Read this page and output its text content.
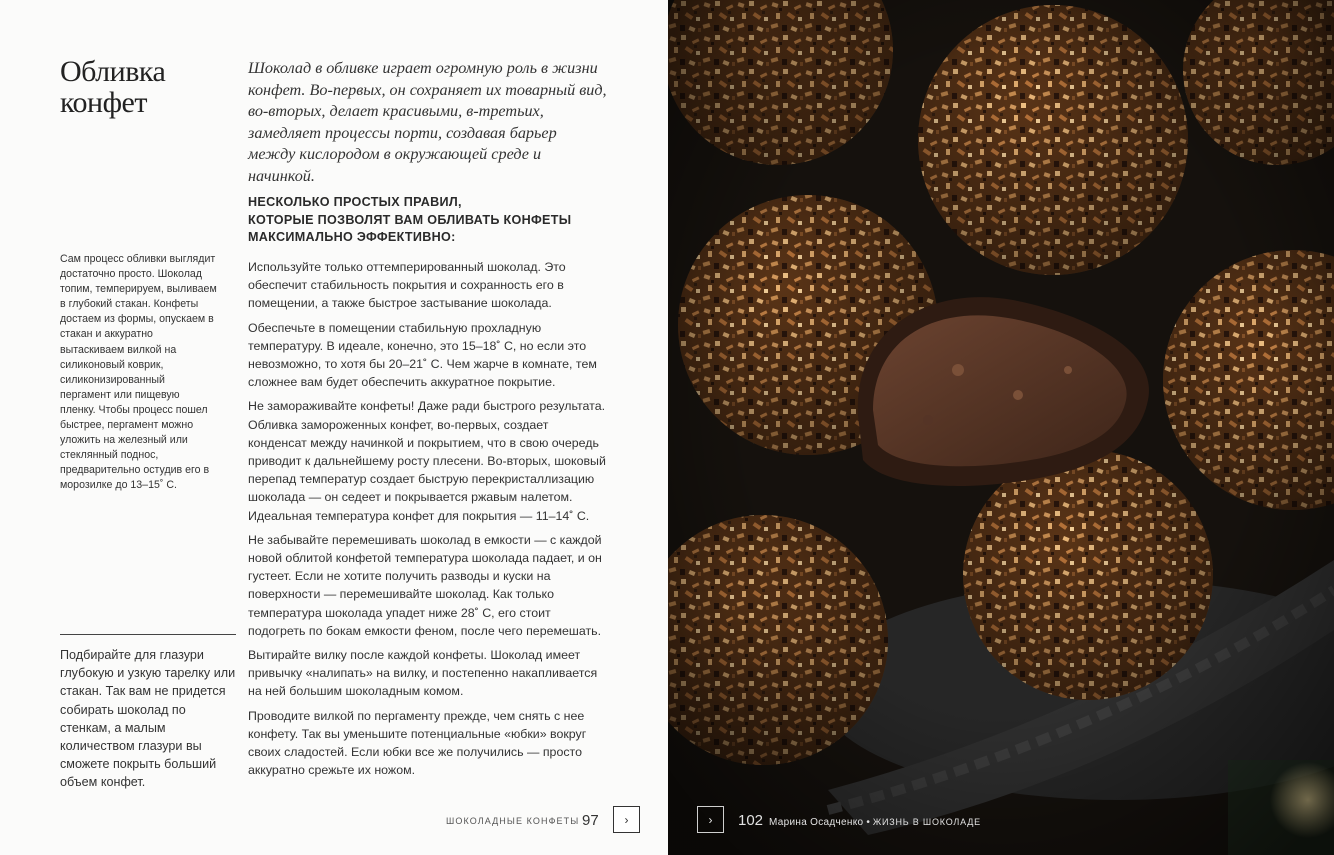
Обливка
конфет

Шоколад в обливке играет огромную роль в жизни конфет. Во-первых, он сохраняет их товарный вид, во-вторых, делает красивыми, в-третьих, замедляет процессы порти, создавая барьер между кислородом в окружающей среде и начинкой.

НЕСКОЛЬКО ПРОСТЫХ ПРАВИЛ,
КОТОРЫЕ ПОЗВОЛЯТ ВАМ ОБЛИВАТЬ КОНФЕТЫ
МАКСИМАЛЬНО ЭФФЕКТИВНО:

Используйте только оттемперированный шоколад. Это обеспечит стабильность покрытия и сохранность его в помещении, а также быстрое застывание шоколада.

Обеспечьте в помещении стабильную прохладную температуру. В идеале, конечно, это 15–18˚ С, но если это невозможно, то хотя бы 20–21˚ С. Чем жарче в комнате, тем сложнее вам будет обеспечить аккуратное покрытие.

Не замораживайте конфеты! Даже ради быстрого результата. Обливка замороженных конфет, во-первых, создает конденсат между начинкой и покрытием, что в свою очередь приводит к дальнейшему росту плесени. Во-вторых, шоковый перепад температур создает быструю перекристаллизацию шоколада — он седеет и покрывается ржавым налетом. Идеальная температура конфет для покрытия — 11–14˚ С.

Не забывайте перемешивать шоколад в емкости — с каждой новой облитой конфетой температура шоколада падает, и он густеет. Если не хотите получить разводы и куски на поверхности — перемешивайте шоколад. Как только температура шоколада упадет ниже 28˚ С, его стоит подогреть по бокам емкости феном, после чего перемешать.

Вытирайте вилку после каждой конфеты. Шоколад имеет привычку «налипать» на вилку, и постепенно накапливается на ней большим шоколадным комом.

Проводите вилкой по пергаменту прежде, чем снять с нее конфету. Так вы уменьшите потенциальные «юбки» вокруг своих сладостей. Если юбки все же получились — просто аккуратно срежьте их ножом.

Сам процесс обливки выглядит достаточно просто. Шоколад топим, темперируем, выливаем в глубокий стакан. Конфеты достаем из формы, опускаем в стакан и аккуратно вытаскиваем вилкой на силиконовый коврик, силиконизированный пергамент или пищевую пленку. Чтобы процесс пошел быстрее, пергамент можно уложить на железный или стеклянный поднос, предварительно остудив его в морозилке до 13–15˚ С.

Подбирайте для глазури глубокую и узкую тарелку или стакан. Так вам не придется собирать шоколад по стенкам, а малым количеством глазури вы сможете покрыть больший объем конфет.

ШОКОЛАДНЫЕ КОНФЕТЫ 97 ›	› 102 Марина Осадченко • ЖИЗНЬ В ШОКОЛАДЕ
